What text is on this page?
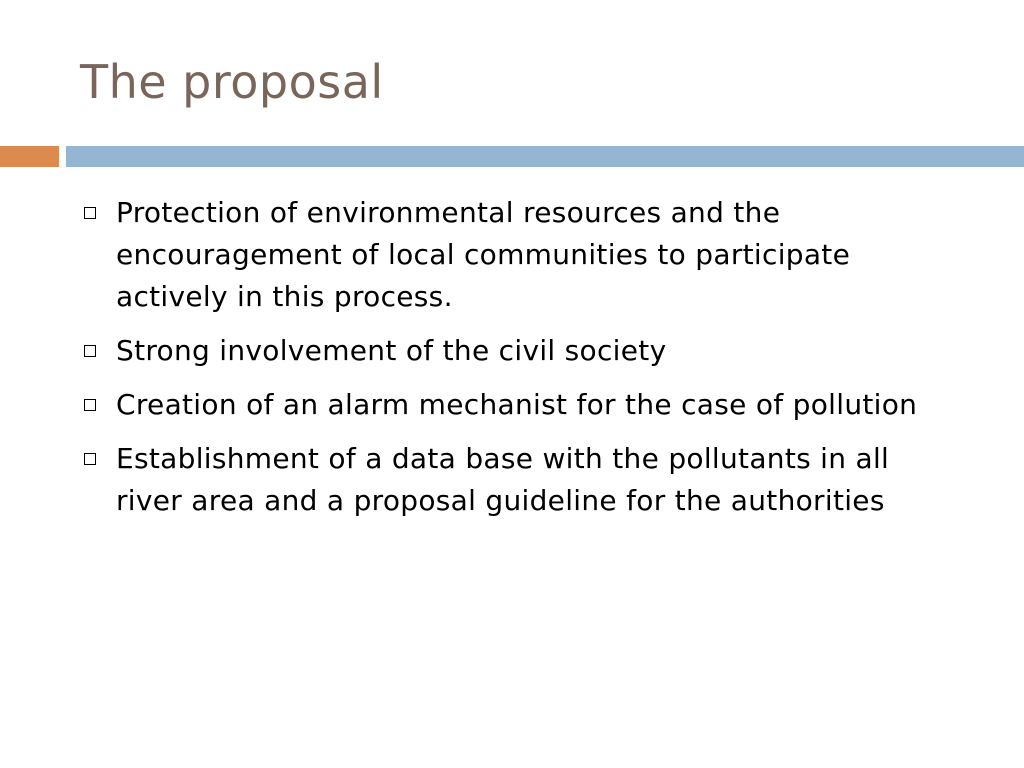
The proposal
Protection of environmental resources and the encouragement of local communities to participate actively in this process.
Strong involvement of the civil society
Creation of an alarm mechanist for the case of pollution
Establishment of a data base with the pollutants in all river area and a proposal guideline for the authorities
